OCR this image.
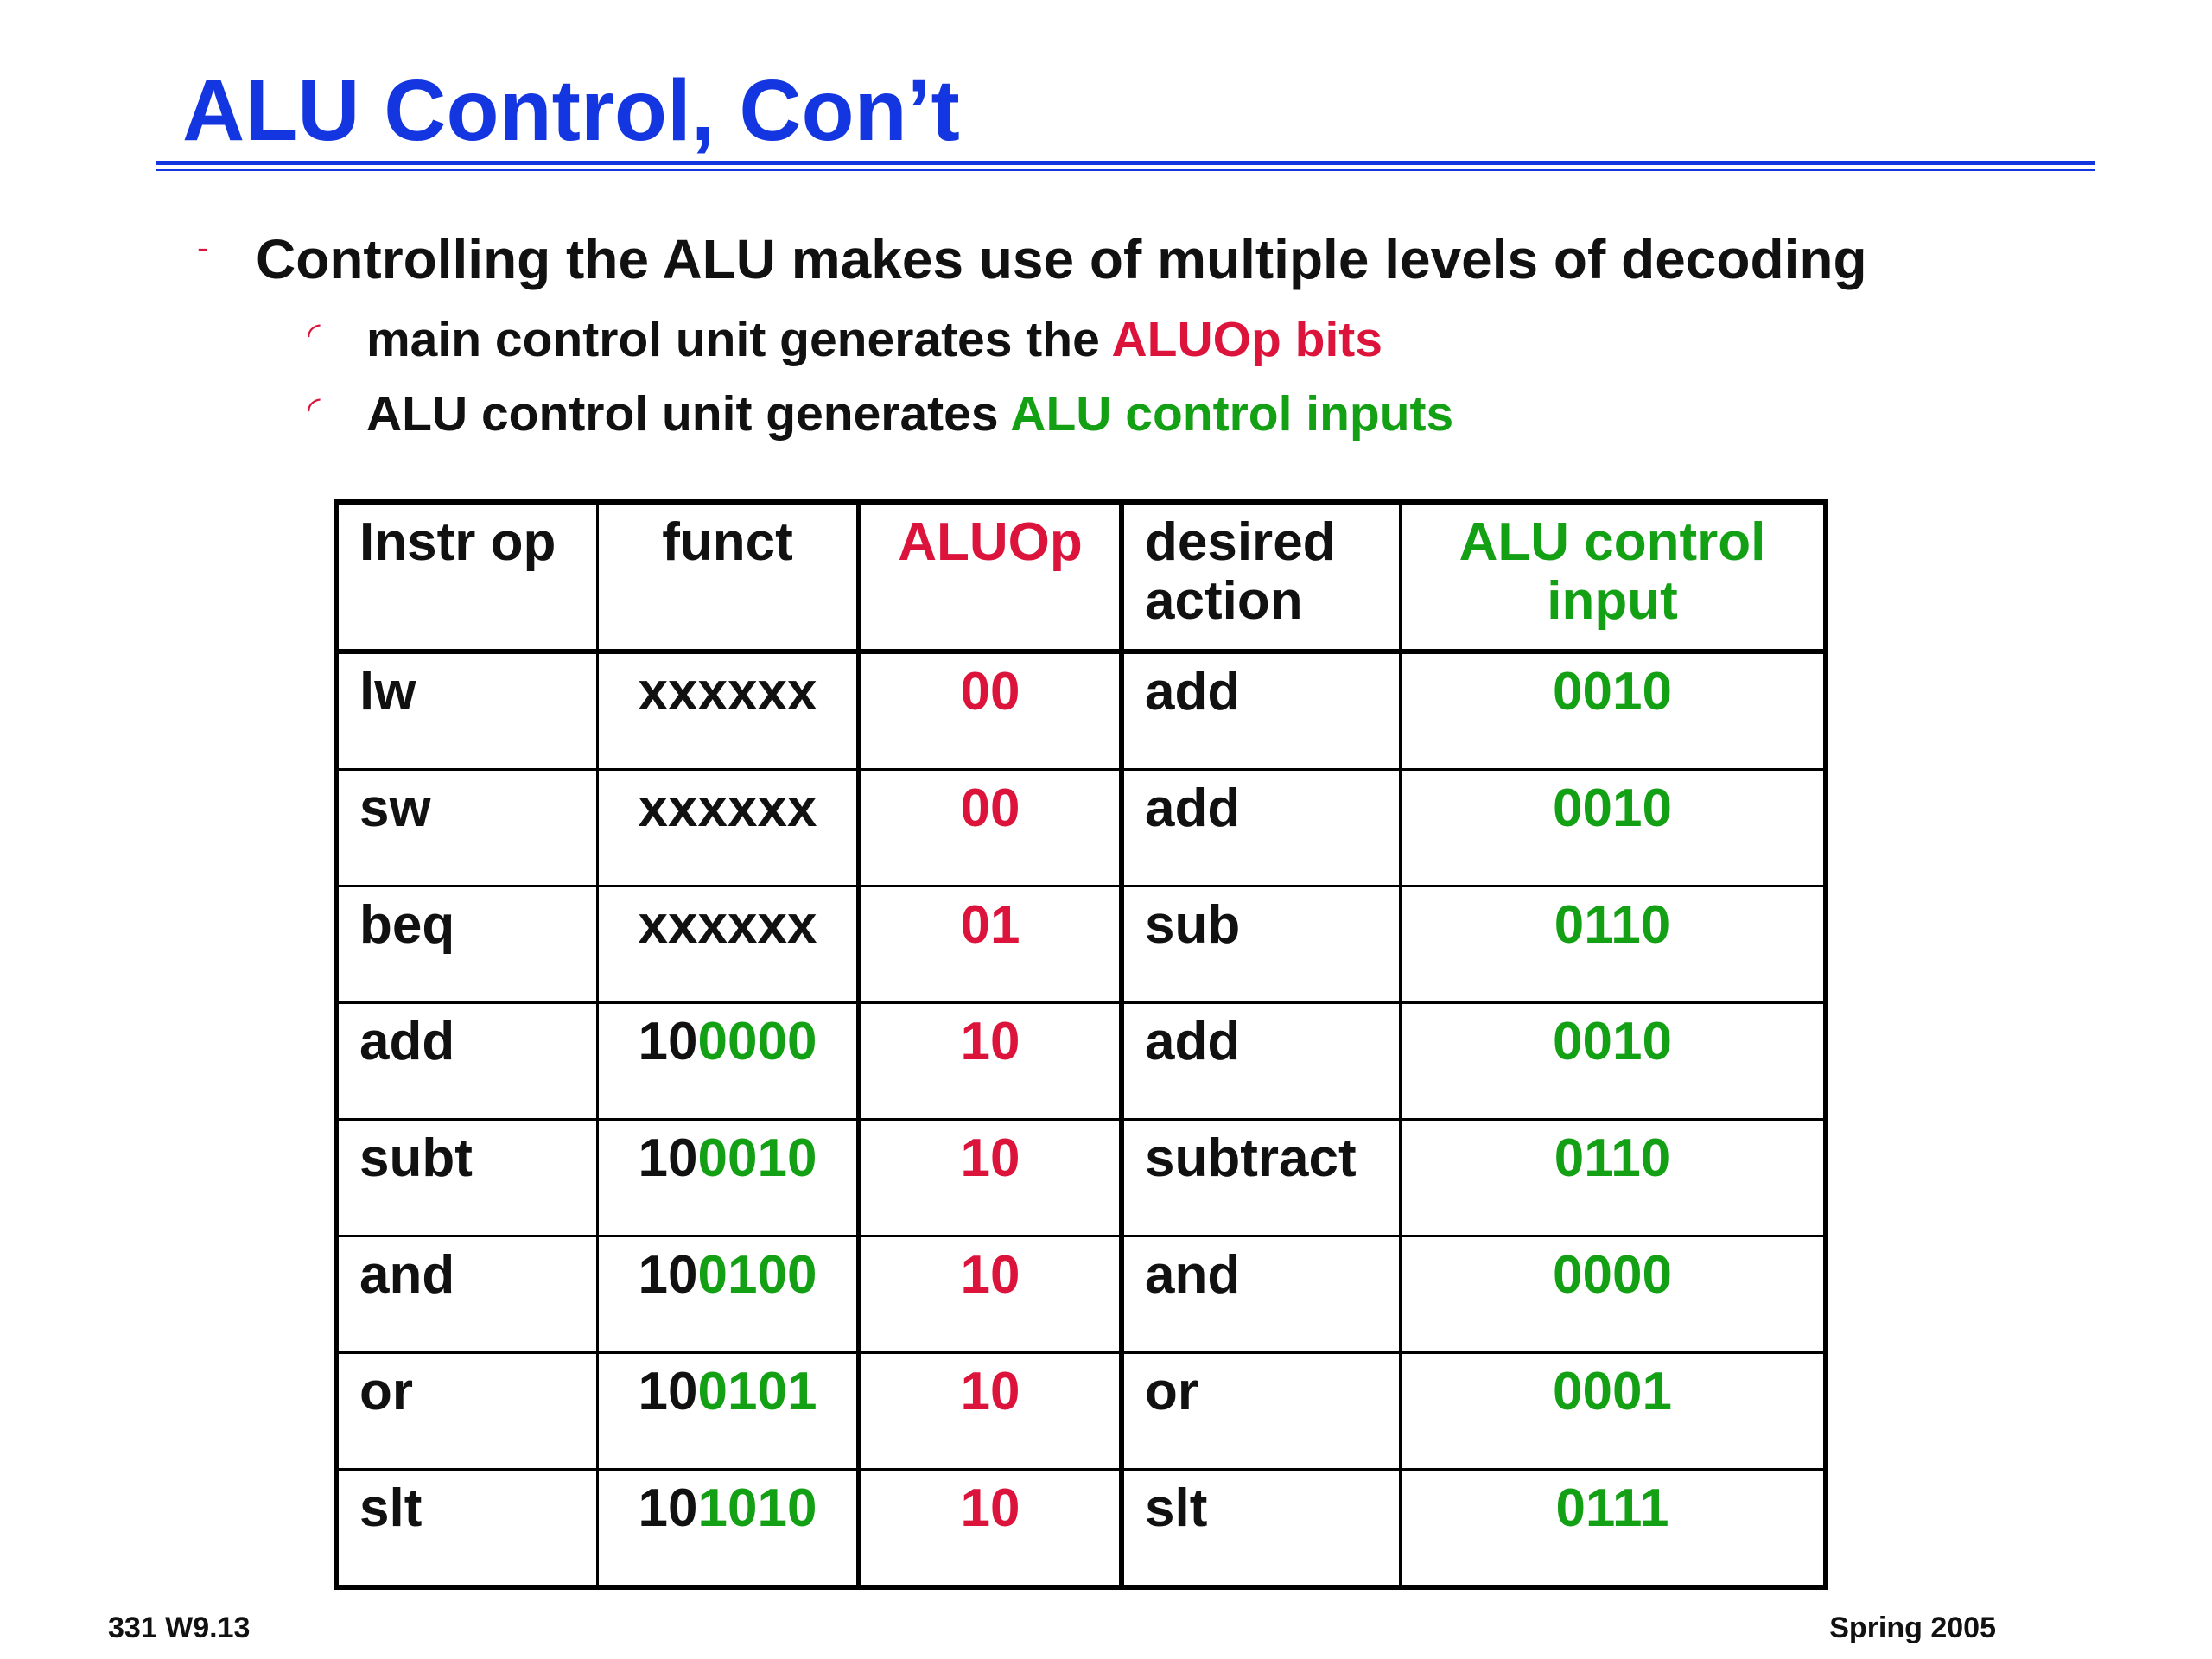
ALU Control, Con’t
- Controlling the ALU makes use of multiple levels of decoding
◜ main control unit generates the ALUOp bits
◜ ALU control unit generates ALU control inputs
Instr op	funct	ALUOp	desired action	ALU control input
lw	xxxxxx	00	add	0010
sw	xxxxxx	00	add	0010
beq	xxxxxx	01	sub	0110
add	100000	10	add	0010
subt	100010	10	subtract	0110
and	100100	10	and	0000
or	100101	10	or	0001
slt	101010	10	slt	0111
331 W9.13	Spring 2005
